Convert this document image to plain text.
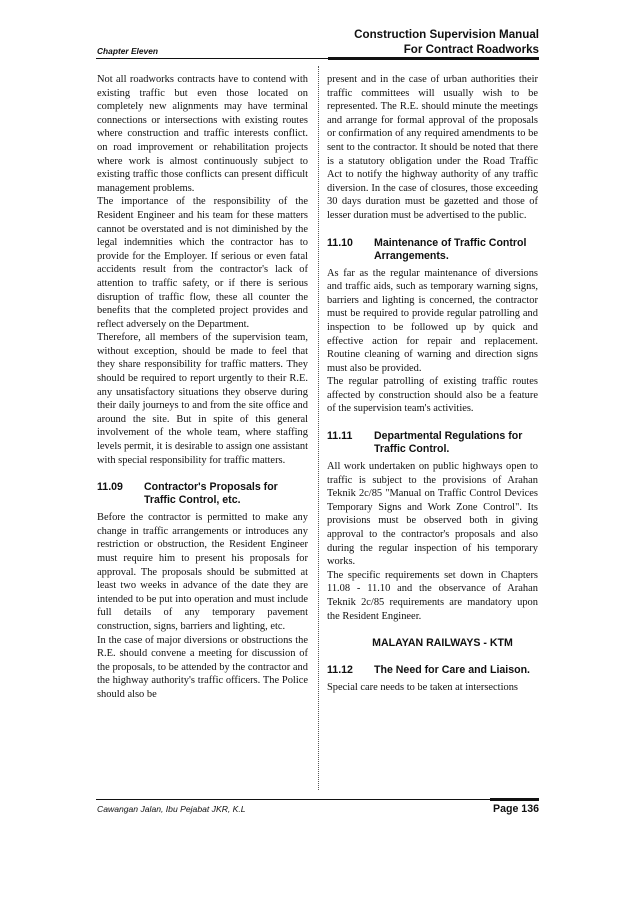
Construction Supervision Manual
For Contract Roadworks
Chapter Eleven

Not all roadworks contracts have to contend with existing traffic but even those located on completely new alignments may have terminal connections or intersections with existing routes where construction and traffic interests conflict. on road improvement or rehabilitation projects where work is almost continuously subject to existing traffic those conflicts can present difficult management problems.

The importance of the responsibility of the Resident Engineer and his team for these matters cannot be overstated and is not diminished by the legal indemnities which the contractor has to provide for the Employer. If serious or even fatal accidents result from the contractor's lack of attention to traffic safety, or if there is serious disruption of traffic flow, these all counter the benefits that the completed project provides and reflect adversely on the Department.

Therefore, all members of the supervision team, without exception, should be made to feel that they share responsibility for traffic matters. They should be required to report urgently to their R.E. any unsatisfactory situations they observe during their daily journeys to and from the site office and around the site. But in spite of this general involvement of the whole team, where staffing levels permit, it is desirable to assign one assistant with special responsibility for traffic matters.

11.09	Contractor's Proposals for Traffic Control, etc.

Before the contractor is permitted to make any change in traffic arrangements or introduces any restriction or obstruction, the Resident Engineer must require him to present his proposals for approval. The proposals should be submitted at least two weeks in advance of the date they are intended to be put into operation and must include full details of any temporary pavement construction, signs, barriers and lighting, etc.

In the case of major diversions or obstructions the R.E. should convene a meeting for discussion of the proposals, to be attended by the contractor and the highway authority's traffic officers. The Police should also be

present and in the case of urban authorities their traffic committees will usually wish to be represented. The R.E. should minute the meetings and arrange for formal approval of the proposals or confirmation of any required amendments to be sent to the contractor. It should be noted that there is a statutory obligation under the Road Traffic Act to notify the highway authority of any traffic diversion. In the case of closures, those exceeding 30 days duration must be gazetted and those of lesser duration must be advertised to the public.

11.10	Maintenance of Traffic Control Arrangements.

As far as the regular maintenance of diversions and traffic aids, such as temporary warning signs, barriers and lighting is concerned, the contractor must be required to provide regular patrolling and inspection to be followed up by quick and effective action for repair and replacement. Routine cleaning of warning and direction signs must also be provided.

The regular patrolling of existing traffic routes affected by construction should also be a feature of the supervision team's activities.

11.11	Departmental Regulations for Traffic Control.

All work undertaken on public highways open to traffic is subject to the provisions of Arahan Teknik 2c/85 "Manual on Traffic Control Devices Temporary Signs and Work Zone Control". Its provisions must be observed both in giving approval to the contractor's proposals and also during the regular inspection of his temporary works.

The specific requirements set down in Chapters 11.08 - 11.10 and the observance of Arahan Teknik 2c/85 requirements are mandatory upon the Resident Engineer.

MALAYAN RAILWAYS - KTM
11.12	The Need for Care and Liaison.

Special care needs to be taken at intersections

Cawangan Jalan, Ibu Pejabat JKR, K.L	Page 136
